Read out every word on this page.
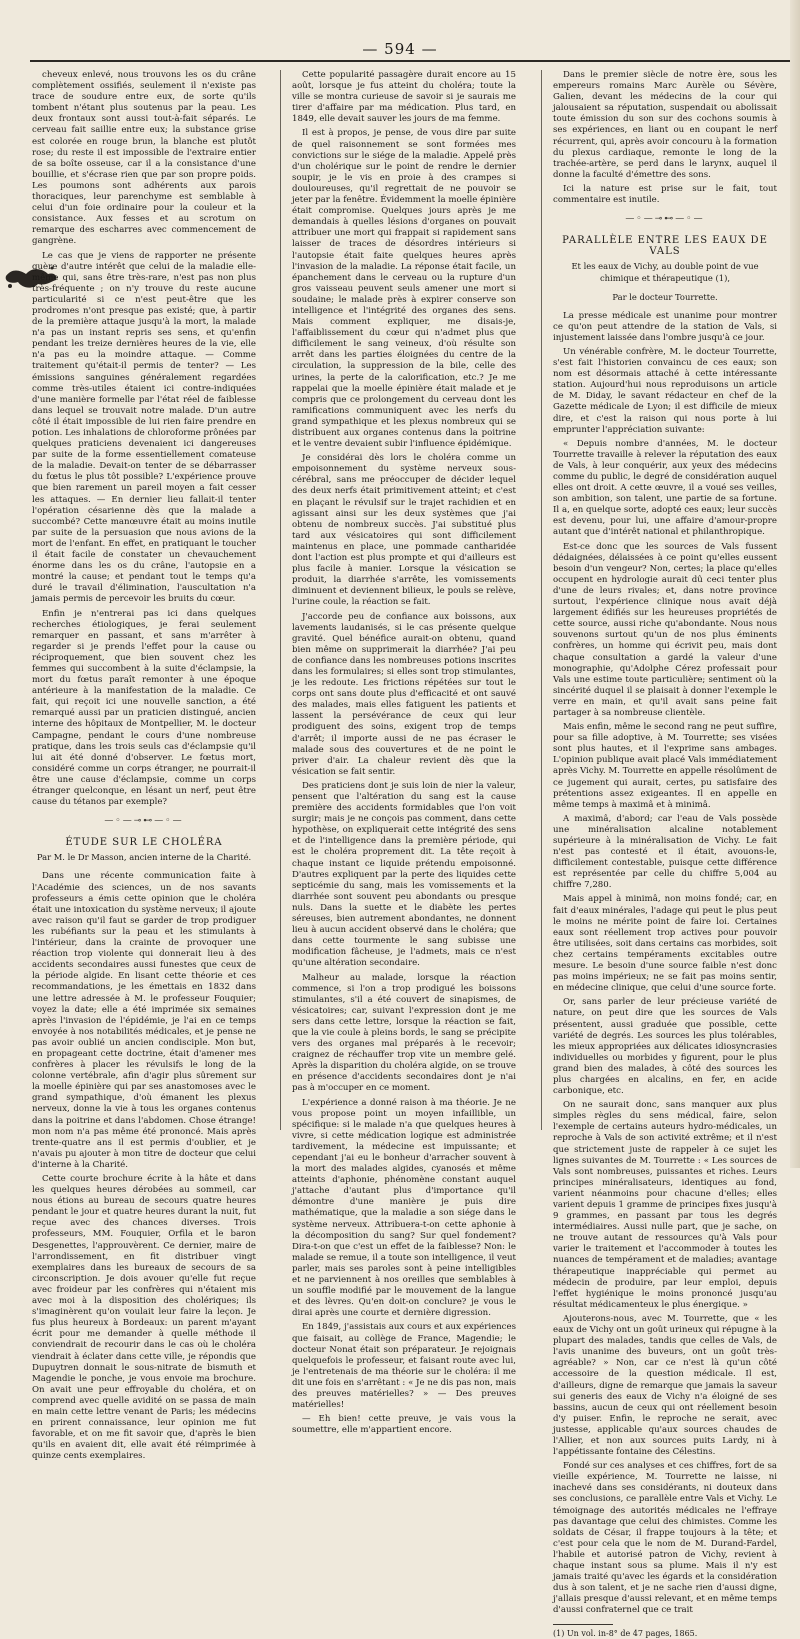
— 594 —

cheveux enlevé, nous trouvons les os du crâne complètement ossifiés, seulement il n'existe pas trace de soudure entre eux, de sorte qu'ils tombent n'étant plus soutenus par la peau. Les deux frontaux sont aussi tout-à-fait séparés. Le cerveau fait saillie entre eux; la substance grise est colorée en rouge brun, la blanche est plutôt rose; du reste il est impossible de l'extraire entier de sa boîte osseuse, car il a la consistance d'une bouillie, et s'écrase rien que par son propre poids. Les poumons sont adhérents aux parois thoraciques, leur parenchyme est semblable à celui d'un foie ordinaire pour la couleur et la consistance. Aux fesses et au scrotum on remarque des escharres avec commencement de gangrène.

Le cas que je viens de rapporter ne présente guère d'autre intérêt que celui de la maladie elle-même qui, sans être très-rare, n'est pas non plus très-fréquente ; on n'y trouve du reste aucune particularité si ce n'est peut-être que les prodromes n'ont presque pas existé; que, à partir de la première attaque jusqu'à la mort, la malade n'a pas un instant repris ses sens, et qu'enfin pendant les treize dernières heures de la vie, elle n'a pas eu la moindre attaque. — Comme traitement qu'était-il permis de tenter? — Les émissions sanguines généralement regardées comme très-utiles étaient ici contre-indiquées d'une manière formelle par l'état réel de faiblesse dans lequel se trouvait notre malade. D'un autre côté il était impossible de lui rien faire prendre en potion. Les inhalations de chloroforme prônées par quelques praticiens devenaient ici dangereuses par suite de la forme essentiellement comateuse de la maladie. Devait-on tenter de se débarrasser du fœtus le plus tôt possible? L'expérience prouve que bien rarement un pareil moyen a fait cesser les attaques. — En dernier lieu fallait-il tenter l'opération césarienne dès que la malade a succombé? Cette manœuvre était au moins inutile par suite de la persuasion que nous avions de la mort de l'enfant. En effet, en pratiquant le toucher il était facile de constater un chevauchement énorme dans les os du crâne, l'autopsie en a montré la cause; et pendant tout le temps qu'a duré le travail d'élimination, l'auscultation n'a jamais permis de percevoir les bruits du cœur.

Enfin je n'entrerai pas ici dans quelques recherches étiologiques, je ferai seulement remarquer en passant, et sans m'arrêter à regarder si je prends l'effet pour la cause ou réciproquement, que bien souvent chez les femmes qui succombent à la suite d'éclampsie, la mort du fœtus paraît remonter à une époque antérieure à la manifestation de la maladie. Ce fait, qui reçoit ici une nouvelle sanction, a été remarqué aussi par un praticien distingué, ancien interne des hôpitaux de Montpellier, M. le docteur Campagne, pendant le cours d'une nombreuse pratique, dans les trois seuls cas d'éclampsie qu'il lui ait été donné d'observer. Le fœtus mort, considéré comme un corps étranger, ne pourrait-il être une cause d'éclampsie, comme un corps étranger quelconque, en lésant un nerf, peut être cause du tétanos par exemple?

—◦—⊸⊷—◦—
ÉTUDE SUR LE CHOLÉRA
Par M. le Dr Masson, ancien interne de la Charité.

Dans une récente communication faite à l'Académie des sciences, un de nos savants professeurs a émis cette opinion que le choléra était une intoxication du système nerveux; il ajoute avec raison qu'il faut se garder de trop prodiguer les rubéfiants sur la peau et les stimulants à l'intérieur, dans la crainte de provoquer une réaction trop violente qui donnerait lieu à des accidents secondaires aussi funestes que ceux de la période algide. En lisant cette théorie et ces recommandations, je les émettais en 1832 dans une lettre adressée à M. le professeur Fouquier; voyez la date; elle a été imprimée six semaines après l'invasion de l'épidémie, je l'ai en ce temps envoyée à nos notabilités médicales, et je pense ne pas avoir oublié un ancien condisciple. Mon but, en propageant cette doctrine, était d'amener mes confrères à placer les révulsifs le long de la colonne vertébrale, afin d'agir plus sûrement sur la moelle épinière qui par ses anastomoses avec le grand sympathique, d'où émanent les plexus nerveux, donne la vie à tous les organes contenus dans la poitrine et dans l'abdomen. Chose étrange! mon nom n'a pas même été prononcé. Mais après trente-quatre ans il est permis d'oublier, et je n'avais pu ajouter à mon titre de docteur que celui d'interne à la Charité.

Cette courte brochure écrite à la hâte et dans les quelques heures dérobées au sommeil, car nous étions au bureau de secours quatre heures pendant le jour et quatre heures durant la nuit, fut reçue avec des chances diverses. Trois professeurs, MM. Fouquier, Orfila et le baron Desgenettes, l'approuvèrent. Ce dernier, maire de l'arrondissement, en fit distribuer vingt exemplaires dans les bureaux de secours de sa circonscription. Je dois avouer qu'elle fut reçue avec froideur par les confrères qui n'étaient mis avec moi à la disposition des cholériques; ils s'imaginèrent qu'on voulait leur faire la leçon. Je fus plus heureux à Bordeaux: un parent m'ayant écrit pour me demander à quelle méthode il conviendrait de recourir dans le cas où le choléra viendrait à éclater dans cette ville, je répondis que Dupuytren donnait le sous-nitrate de bismuth et Magendie le ponche, je vous envoie ma brochure. On avait une peur effroyable du choléra, et on comprend avec quelle avidité on se passa de main en main cette lettre venant de Paris; les médecins en prirent connaissance, leur opinion me fut favorable, et on me fit savoir que, d'après le bien qu'ils en avaient dit, elle avait été réimprimée à quinze cents exemplaires.

Cette popularité passagère durait encore au 15 août, lorsque je fus atteint du choléra; toute la ville se montra curieuse de savoir si je saurais me tirer d'affaire par ma médication. Plus tard, en 1849, elle devait sauver les jours de ma femme.

Il est à propos, je pense, de vous dire par suite de quel raisonnement se sont formées mes convictions sur le siége de la maladie. Appelé près d'un cholérique sur le point de rendre le dernier soupir, je le vis en proie à des crampes si douloureuses, qu'il regrettait de ne pouvoir se jeter par la fenêtre. Évidemment la moelle épinière était compromise. Quelques jours après je me demandais à quelles lésions d'organes on pouvait attribuer une mort qui frappait si rapidement sans laisser de traces de désordres intérieurs si l'autopsie était faite quelques heures après l'invasion de la maladie. La réponse était facile, un épanchement dans le cerveau ou la rupture d'un gros vaisseau peuvent seuls amener une mort si soudaine; le malade près à expirer conserve son intelligence et l'intégrité des organes des sens. Mais comment expliquer, me disais-je, l'affaiblissement du cœur qui n'admet plus que difficilement le sang veineux, d'où résulte son arrêt dans les parties éloignées du centre de la circulation, la suppression de la bile, celle des urines, la perte de la calorification, etc.? Je me rappelai que la moelle épinière était malade et je compris que ce prolongement du cerveau dont les ramifications communiquent avec les nerfs du grand sympathique et les plexus nombreux qui se distribuent aux organes contenus dans la poitrine et le ventre devaient subir l'influence épidémique.

Je considérai dès lors le choléra comme un empoisonnement du système nerveux sous-cérébral, sans me préoccuper de décider lequel des deux nerfs était primitivement atteint; et c'est en plaçant le révulsif sur le trajet rachidien et en agissant ainsi sur les deux systèmes que j'ai obtenu de nombreux succès. J'ai substitué plus tard aux vésicatoires qui sont difficilement maintenus en place, une pommade cantharidée dont l'action est plus prompte et qui d'ailleurs est plus facile à manier. Lorsque la vésication se produit, la diarrhée s'arrête, les vomissements diminuent et deviennent bilieux, le pouls se relève, l'urine coule, la réaction se fait.

J'accorde peu de confiance aux boissons, aux lavements laudanisés, si le cas présente quelque gravité. Quel bénéfice aurait-on obtenu, quand bien même on supprimerait la diarrhée? J'ai peu de confiance dans les nombreuses potions inscrites dans les formulaires; si elles sont trop stimulantes, je les redoute. Les frictions répétées sur tout le corps ont sans doute plus d'efficacité et ont sauvé des malades, mais elles fatiguent les patients et lassent la persévérance de ceux qui leur prodiguent des soins, exigent trop de temps d'arrêt; il importe aussi de ne pas écraser le malade sous des couvertures et de ne point le priver d'air. La chaleur revient dès que la vésication se fait sentir.

Des praticiens dont je suis loin de nier la valeur, pensent que l'altération du sang est la cause première des accidents formidables que l'on voit surgir; mais je ne conçois pas comment, dans cette hypothèse, on expliquerait cette intégrité des sens et de l'intelligence dans la première période, qui est le choléra proprement dit. La tête reçoit à chaque instant ce liquide prétendu empoisonné. D'autres expliquent par la perte des liquides cette septicémie du sang, mais les vomissements et la diarrhée sont souvent peu abondants ou presque nuls. Dans la suette et le diabète les pertes séreuses, bien autrement abondantes, ne donnent lieu à aucun accident observé dans le choléra; que dans cette tourmente le sang subisse une modification fâcheuse, je l'admets, mais ce n'est qu'une altération secondaire.

Malheur au malade, lorsque la réaction commence, si l'on a trop prodigué les boissons stimulantes, s'il a été couvert de sinapismes, de vésicatoires; car, suivant l'expression dont je me sers dans cette lettre, lorsque la réaction se fait, que la vie coule à pleins bords, le sang se précipite vers des organes mal préparés à le recevoir; craignez de réchauffer trop vite un membre gelé. Après la disparition du choléra algide, on se trouve en présence d'accidents secondaires dont je n'ai pas à m'occuper en ce moment.

L'expérience a donné raison à ma théorie. Je ne vous propose point un moyen infaillible, un spécifique: si le malade n'a que quelques heures à vivre, si cette médication logique est administrée tardivement, la médecine est impuissante; et cependant j'ai eu le bonheur d'arracher souvent à la mort des malades algides, cyanosés et même atteints d'aphonie, phénomène constant auquel j'attache d'autant plus d'importance qu'il démontre d'une manière je puis dire mathématique, que la maladie a son siége dans le système nerveux. Attribuera-t-on cette aphonie à la décomposition du sang? Sur quel fondement? Dira-t-on que c'est un effet de la faiblesse? Non: le malade se remue, il a toute son intelligence, il veut parler, mais ses paroles sont à peine intelligibles et ne parviennent à nos oreilles que semblables à un souffle modifié par le mouvement de la langue et des lèvres. Qu'en doit-on conclure? je vous le dirai après une courte et dernière digression.

En 1849, j'assistais aux cours et aux expériences que faisait, au collège de France, Magendie; le docteur Nonat était son préparateur. Je rejoignais quelquefois le professeur, et faisant route avec lui, je l'entretenais de ma théorie sur le choléra: il me dit une fois en s'arrêtant : « Je ne dis pas non, mais des preuves matérielles? » — Des preuves matérielles!

— Eh bien! cette preuve, je vais vous la soumettre, elle m'appartient encore.

Dans le premier siècle de notre ère, sous les empereurs romains Marc Aurèle ou Sévère, Galien, devant les médecins de la cour qui jalousaient sa réputation, suspendait ou abolissait toute émission du son sur des cochons soumis à ses expériences, en liant ou en coupant le nerf récurrent, qui, après avoir concouru à la formation du plexus cardiaque, remonte le long de la trachée-artère, se perd dans le larynx, auquel il donne la faculté d'émettre des sons.

Ici la nature est prise sur le fait, tout commentaire est inutile.

—◦—⊸⊷—◦—
PARALLÈLE ENTRE LES EAUX DE VALS
Et les eaux de Vichy, au double point de vue chimique et thérapeutique (1),
Par le docteur Tourrette.

La presse médicale est unanime pour montrer ce qu'on peut attendre de la station de Vals, si injustement laissée dans l'ombre jusqu'à ce jour.

Un vénérable confrère, M. le docteur Tourrette, s'est fait l'historien convaincu de ces eaux; son nom est désormais attaché à cette intéressante station. Aujourd'hui nous reproduisons un article de M. Diday, le savant rédacteur en chef de la Gazette médicale de Lyon; il est difficile de mieux dire, et c'est la raison qui nous porte à lui emprunter l'appréciation suivante:

« Depuis nombre d'années, M. le docteur Tourrette travaille à relever la réputation des eaux de Vals, à leur conquérir, aux yeux des médecins comme du public, le degré de considération auquel elles ont droit. A cette œuvre, il a voué ses veilles, son ambition, son talent, une partie de sa fortune. Il a, en quelque sorte, adopté ces eaux; leur succès est devenu, pour lui, une affaire d'amour-propre autant que d'intérêt national et philanthropique.

Est-ce donc que les sources de Vals fussent dédaignées, délaissées à ce point qu'elles eussent besoin d'un vengeur? Non, certes; la place qu'elles occupent en hydrologie aurait dû ceci tenter plus d'une de leurs rivales; et, dans notre province surtout, l'expérience clinique nous avait déjà largement édifiés sur les heureuses propriétés de cette source, aussi riche qu'abondante. Nous nous souvenons surtout qu'un de nos plus éminents confrères, un homme qui écrivit peu, mais dont chaque consultation a gardé la valeur d'une monographie, qu'Adolphe Cérez professait pour Vals une estime toute particulière; sentiment où la sincérité duquel il se plaisait à donner l'exemple le verre en main, et qu'il avait sans peine fait partager à sa nombreuse clientèle.

Mais enfin, même le second rang ne peut suffire, pour sa fille adoptive, à M. Tourrette; ses visées sont plus hautes, et il l'exprime sans ambages. L'opinion publique avait placé Vals immédiatement après Vichy. M. Tourrette en appelle résolûment de ce jugement qui aurait, certes, pu satisfaire des prétentions assez exigeantes. Il en appelle en même temps à maximâ et à minimâ.

A maximâ, d'abord; car l'eau de Vals possède une minéralisation alcaline notablement supérieure à la minéralisation de Vichy. Le fait n'est pas contesté et il était, avouons-le, difficilement contestable, puisque cette différence est représentée par celle du chiffre 5,004 au chiffre 7,280.

Mais appel à minimâ, non moins fondé; car, en fait d'eaux minérales, l'adage qui peut le plus peut le moins ne mérite point de faire loi. Certaines eaux sont réellement trop actives pour pouvoir être utilisées, soit dans certains cas morbides, soit chez certains tempéraments excitables outre mesure. Le besoin d'une source faible n'est donc pas moins impérieux; ne se fait pas moins sentir, en médecine clinique, que celui d'une source forte.

Or, sans parler de leur précieuse variété de nature, on peut dire que les sources de Vals présentent, aussi graduée que possible, cette variété de degrés. Les sources les plus tolérables, les mieux appropriées aux délicates idiosyncrasies individuelles ou morbides y figurent, pour le plus grand bien des malades, à côté des sources les plus chargées en alcalins, en fer, en acide carbonique, etc.

On ne saurait donc, sans manquer aux plus simples règles du sens médical, faire, selon l'exemple de certains auteurs hydro-médicales, un reproche à Vals de son activité extrême; et il n'est que strictement juste de rappeler à ce sujet les lignes suivantes de M. Tourrette : « Les sources de Vals sont nombreuses, puissantes et riches. Leurs principes minéralisateurs, identiques au fond, varient néanmoins pour chacune d'elles; elles varient depuis 1 gramme de principes fixes jusqu'à 9 grammes, en passant par tous les degrés intermédiaires. Aussi nulle part, que je sache, on ne trouve autant de ressources qu'à Vals pour varier le traitement et l'accommoder à toutes les nuances de tempérament et de maladies; avantage thérapeutique inappréciable qui permet au médecin de produire, par leur emploi, depuis l'effet hygiénique le moins prononcé jusqu'au résultat médicamenteux le plus énergique. »

Ajouterons-nous, avec M. Tourrette, que « les eaux de Vichy ont un goût urineux qui répugne à la plupart des malades, tandis que celles de Vals, de l'avis unanime des buveurs, ont un goût très-agréable? » Non, car ce n'est là qu'un côté accessoire de la question médicale. Il est, d'ailleurs, digne de remarque que jamais la saveur sui generis des eaux de Vichy n'a éloigné de ses bassins, aucun de ceux qui ont réellement besoin d'y puiser. Enfin, le reproche ne serait, avec justesse, applicable qu'aux sources chaudes de l'Allier, et non aux sources puits Lardy, ni à l'appétissante fontaine des Célestins.

Fondé sur ces analyses et ces chiffres, fort de sa vieille expérience, M. Tourrette ne laisse, ni inachevé dans ses considérants, ni douteux dans ses conclusions, ce parallèle entre Vals et Vichy. Le témoignage des autorités médicales ne l'effraye pas davantage que celui des chimistes. Comme les soldats de César, il frappe toujours à la tête; et c'est pour cela que le nom de M. Durand-Fardel, l'habile et autorisé patron de Vichy, revient à chaque instant sous sa plume. Mais il n'y est jamais traité qu'avec les égards et la considération dus à son talent, et je ne sache rien d'aussi digne, j'allais presque d'aussi relevant, et en même temps d'aussi confraternel que ce trait

(1) Un vol. in-8° de 47 pages, 1865.
